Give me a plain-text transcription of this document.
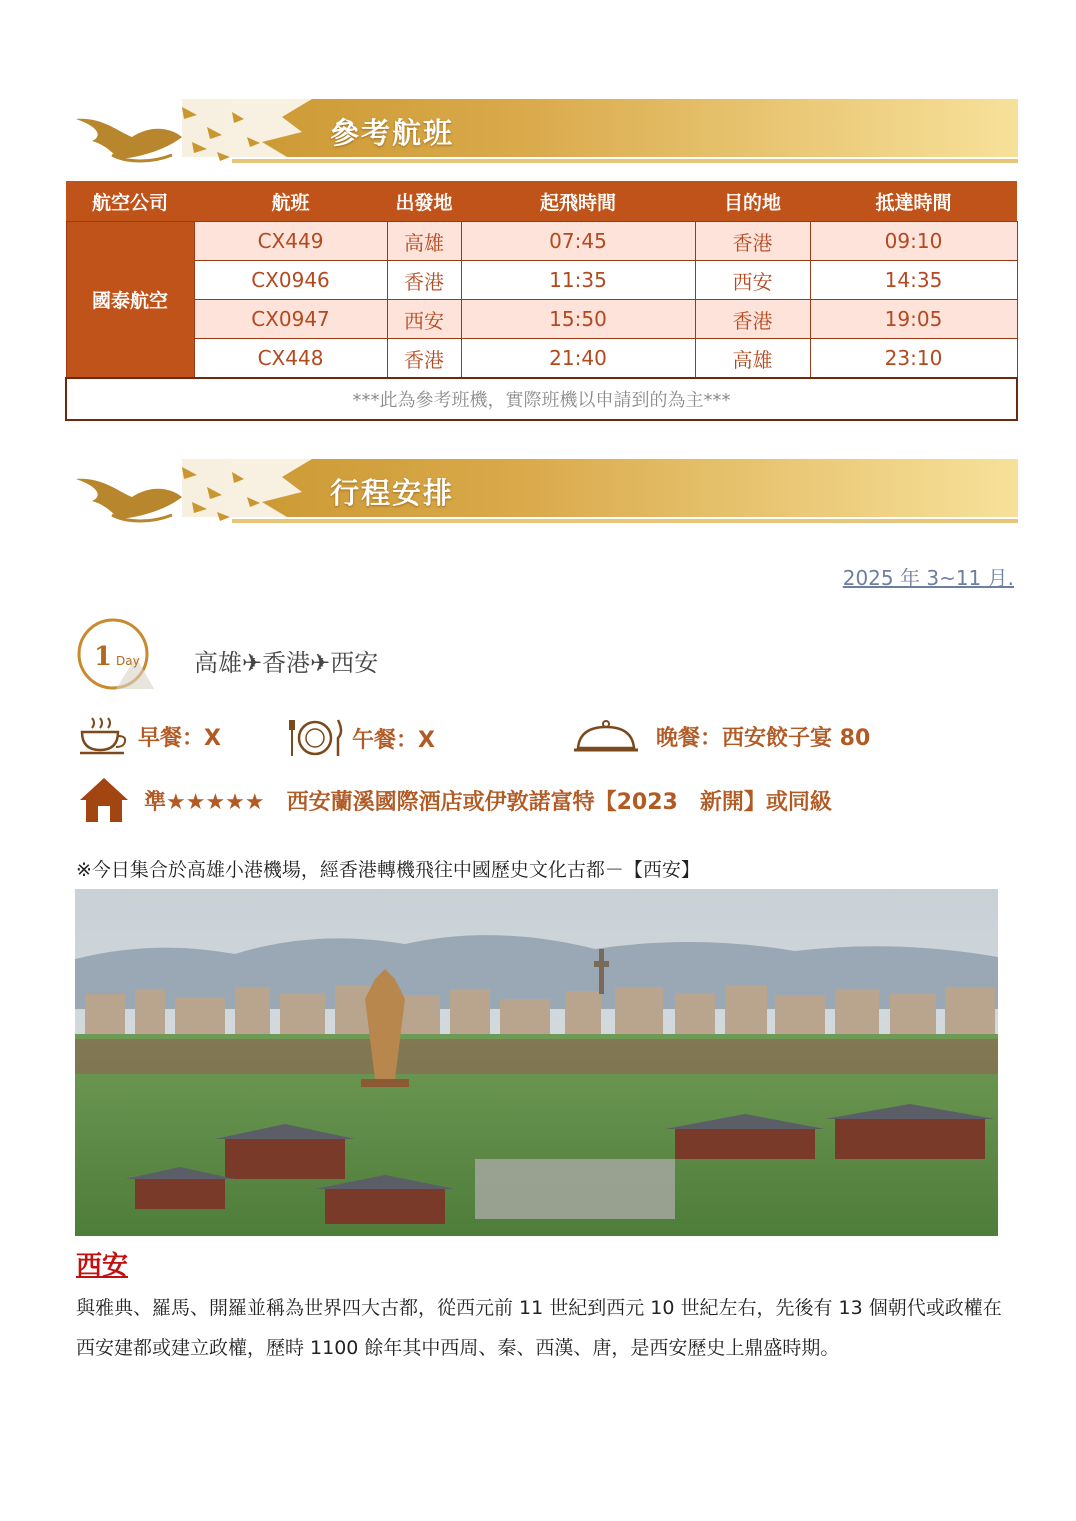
參考航班
航空公司	航班	出發地	起飛時間	目的地	抵達時間
國泰航空	CX449	高雄	07:45	香港	09:10
	CX0946	香港	11:35	西安	14:35
	CX0947	西安	15:50	香港	19:05
	CX448	香港	21:40	高雄	23:10
***此為參考班機，實際班機以申請到的為主***					
行程安排
2025 年 3~11 月.
1 Day 高雄✈香港✈西安
早餐：X	午餐：X	晚餐：西安餃子宴 80
準★★★★★　西安蘭溪國際酒店或伊敦諾富特【2023　新開】或同級
※今日集合於高雄小港機場，經香港轉機飛往中國歷史文化古都－【西安】
西安
與雅典、羅馬、開羅並稱為世界四大古都，從西元前 11 世紀到西元 10 世紀左右，先後有 13 個朝代或政權在西安建都或建立政權，歷時 1100 餘年其中西周、秦、西漢、唐，是西安歷史上鼎盛時期。
